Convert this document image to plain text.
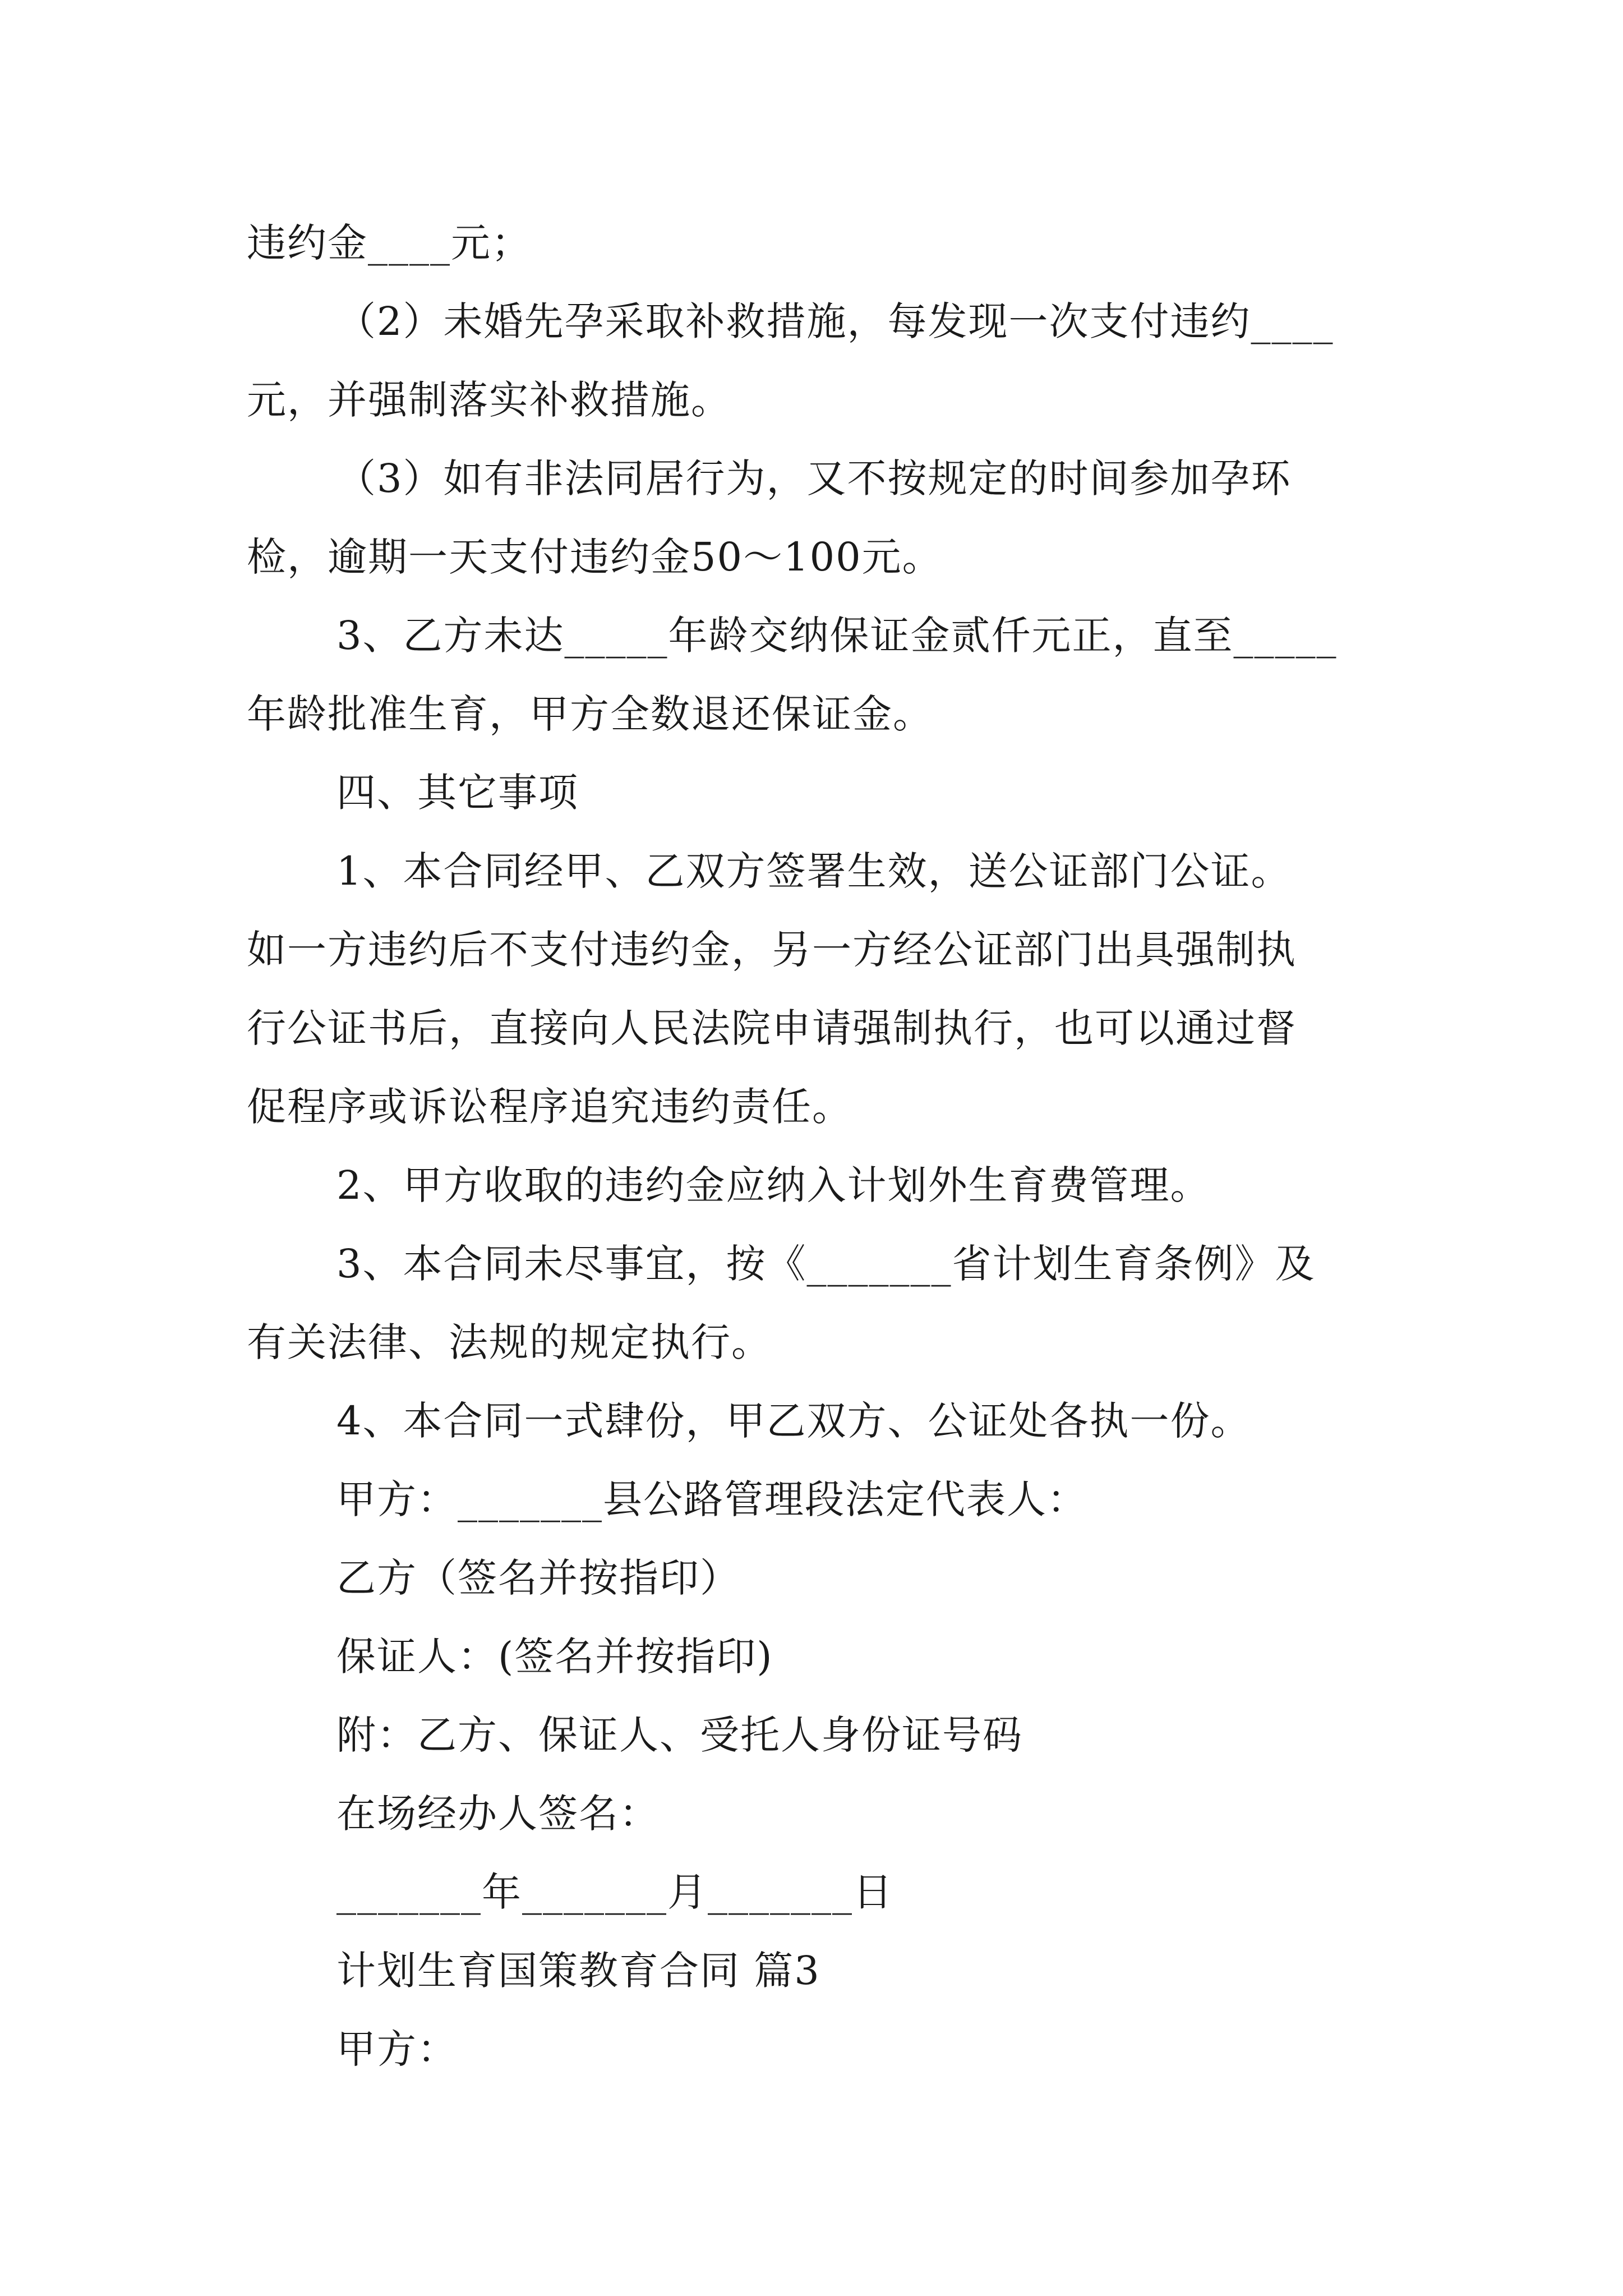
违约金____元；
（2）未婚先孕采取补救措施，每发现一次支付违约____
元，并强制落实补救措施。
（3）如有非法同居行为，又不按规定的时间参加孕环
检，逾期一天支付违约金50～100元。
3、乙方未达_____年龄交纳保证金贰仟元正，直至_____
年龄批准生育，甲方全数退还保证金。
四、其它事项
1、本合同经甲、乙双方签署生效，送公证部门公证。
如一方违约后不支付违约金，另一方经公证部门出具强制执
行公证书后，直接向人民法院申请强制执行，也可以通过督
促程序或诉讼程序追究违约责任。
2、甲方收取的违约金应纳入计划外生育费管理。
3、本合同未尽事宜，按《_______省计划生育条例》及
有关法律、法规的规定执行。
4、本合同一式肆份，甲乙双方、公证处各执一份。
甲方：_______县公路管理段法定代表人：
乙方（签名并按指印）
保证人：(签名并按指印)
附：乙方、保证人、受托人身份证号码
在场经办人签名：
_______年_______月_______日
计划生育国策教育合同 篇3
甲方：
